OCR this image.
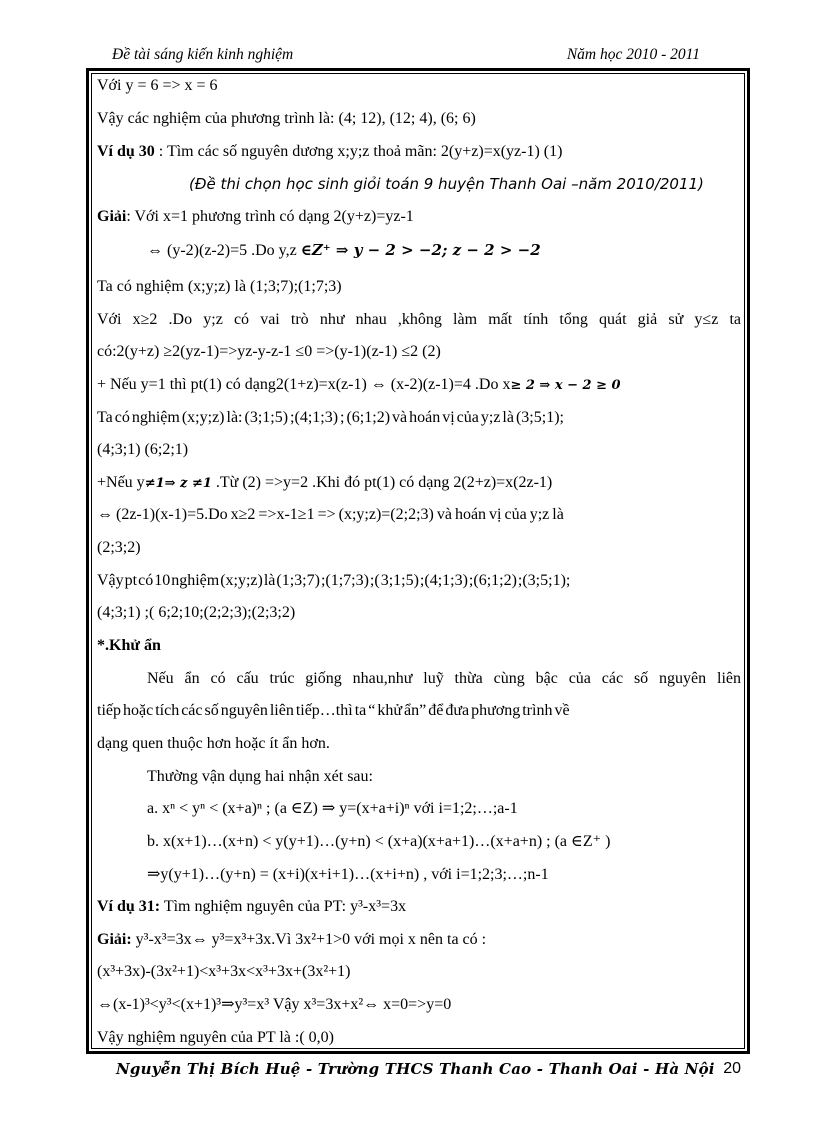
Đề tài sáng kiến kinh nghiệm	Năm học 2010 - 2011
Với y = 6 => x = 6
Vậy các nghiệm của phương trình là: (4; 12), (12; 4), (6; 6)
Ví dụ 30 : Tìm các số nguyên dương x;y;z thoả mãn: 2(y+z)=x(yz-1) (1)
(Đề thi chọn học sinh giỏi toán 9 huyện Thanh Oai –năm 2010/2011)
Giải: Với x=1 phương trình có dạng 2(y+z)=yz-1
⇔ (y-2)(z-2)=5 .Do y,z ∈Z⁺ ⇒ y − 2 > −2; z − 2 > −2
Ta có nghiệm (x;y;z) là (1;3;7);(1;7;3)
Với x≥2 .Do y;z có vai trò như nhau ,không làm mất tính tổng quát giả sử y≤z ta
có:2(y+z) ≥2(yz-1)=>yz-y-z-1 ≤0 =>(y-1)(z-1) ≤2 (2)
+ Nếu y=1 thì pt(1) có dạng2(1+z)=x(z-1) ⇔ (x-2)(z-1)=4 .Do x≥ 2 ⇒ x − 2 ≥ 0
Ta có nghiệm (x;y;z) là: (3;1;5) ;(4;1;3) ; (6;1;2) và hoán vị của y;z là (3;5;1);
(4;3;1) (6;2;1)
+Nếu y≠1⇒ z ≠1 .Từ (2) =>y=2 .Khi đó pt(1) có dạng 2(2+z)=x(2z-1)
⇔ (2z-1)(x-1)=5.Do x≥2 =>x-1≥1 => (x;y;z)=(2;2;3) và hoán vị của y;z là
(2;3;2)
Vậy pt có 10 nghiệm (x;y;z) là (1;3;7) ;(1;7;3) ;( 3;1;5) ;(4;1;3) ;(6;1;2) ;(3;5;1);
(4;3;1) ;( 6;2;10;(2;2;3);(2;3;2)
*.Khử ẩn
Nếu ẩn có cấu trúc giống nhau,như luỹ thừa cùng bậc của các số nguyên liên
tiếp hoặc tích các số nguyên liên tiếp…thì ta “ khử ẩn” để đưa phương trình về
dạng quen thuộc hơn hoặc ít ẩn hơn.
Thường vận dụng hai nhận xét sau:
a. xⁿ < yⁿ < (x+a)ⁿ ; (a ∈Z) ⇒ y=(x+a+i)ⁿ với i=1;2;…;a-1
b. x(x+1)…(x+n) < y(y+1)…(y+n) < (x+a)(x+a+1)…(x+a+n) ; (a ∈Z⁺ )
⇒y(y+1)…(y+n) = (x+i)(x+i+1)…(x+i+n) , với i=1;2;3;…;n-1
Ví dụ 31: Tìm nghiệm nguyên của PT: y³-x³=3x
Giải: y³-x³=3x⇔ y³=x³+3x.Vì 3x²+1>0 với mọi x nên ta có :
(x³+3x)-(3x²+1)<x³+3x<x³+3x+(3x²+1)
⇔(x-1)³<y³<(x+1)³⇒y³=x³ Vậy x³=3x+x²⇔ x=0=>y=0
Vậy nghiệm nguyên của PT là :( 0,0)
Nguyễn Thị Bích Huệ - Trường THCS Thanh Cao - Thanh Oai - Hà Nội 20
